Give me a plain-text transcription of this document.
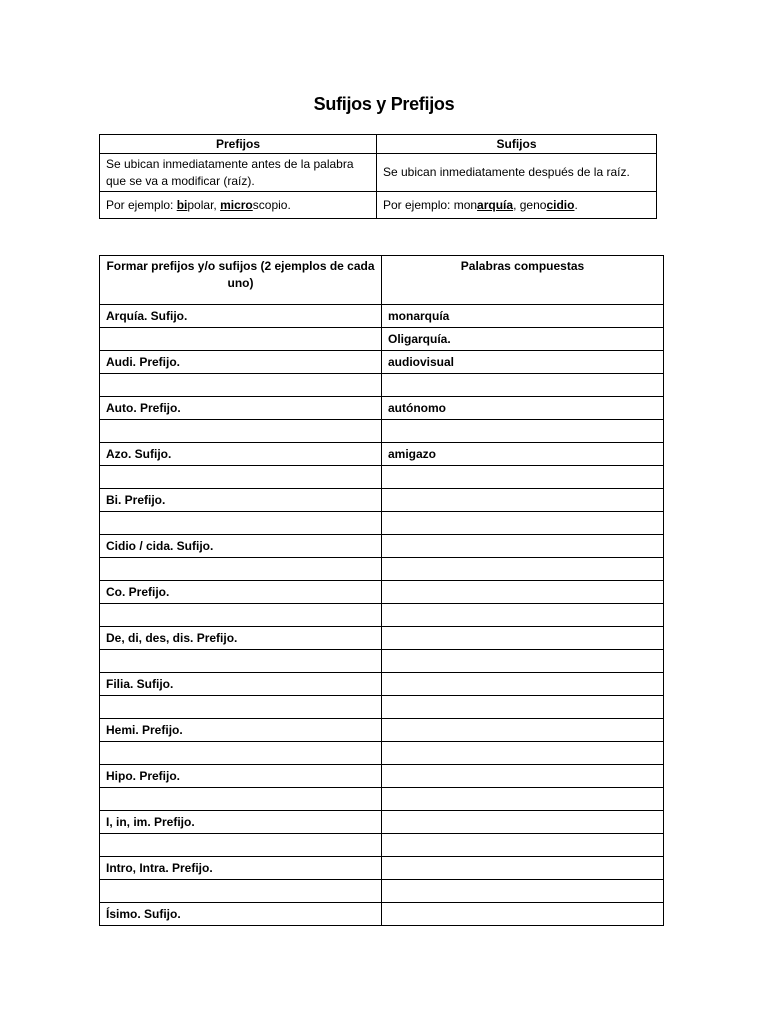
Sufijos y Prefijos
Prefijos	Sufijos
Se ubican inmediatamente antes de la palabra que se va a modificar (raíz).	Se ubican inmediatamente después de la raíz.
Por ejemplo: bipolar, microscopio.	Por ejemplo: monarquía, genocidio.
Formar prefijos y/o sufijos (2 ejemplos de cada uno)	Palabras compuestas
Arquía. Sufijo.	monarquía
	Oligarquía.
Audi. Prefijo.	audiovisual

Auto. Prefijo.	autónomo

Azo. Sufijo.	amigazo

Bi. Prefijo.	

Cidio / cida. Sufijo.	

Co. Prefijo.	

De, di, des, dis. Prefijo.	

Filia. Sufijo.	

Hemi. Prefijo.	

Hipo. Prefijo.	

I, in, im. Prefijo.	

Intro, Intra. Prefijo.	

Ísimo. Sufijo.	
